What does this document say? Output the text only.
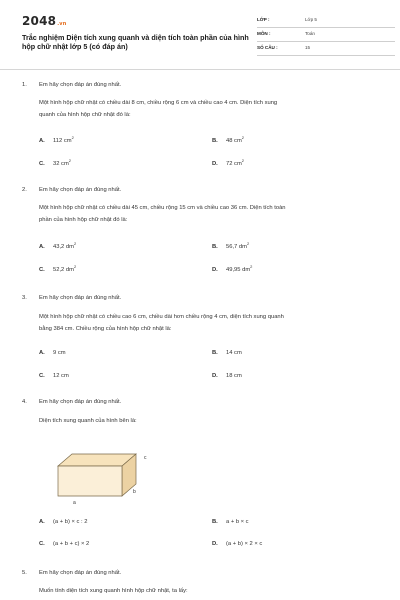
2048.vn
Trắc nghiệm Diện tích xung quanh và diện tích toàn phần của hình hộp chữ nhật lớp 5 (có đáp án)
LỚP :	Lớp 5
MÔN :	Toán
SỐ CÂU :	15
1. Em hãy chọn đáp án đúng nhất.
Một hình hộp chữ nhật có chiều dài 8 cm, chiều rộng 6 cm và chiều cao 4 cm. Diện tích xung
quanh của hình hộp chữ nhật đó là:
A. 112 $cm^2$
B. 48 $cm^2$
C. 32 $cm^2$
D. 72 $cm^2$
2. Em hãy chọn đáp án đúng nhất.
Một hình hộp chữ nhật có chiều dài 45 cm, chiều rộng 15 cm và chiều cao 36 cm. Diện tích toàn
phần của hình hộp chữ nhật đó là:
A. 43,2 $dm^2$
B. 56,7 $dm^2$
C. 52,2 $dm^2$
D. 49,95 $dm^2$
3. Em hãy chọn đáp án đúng nhất.
Một hình hộp chữ nhật có chiều cao 6 cm, chiều dài hơn chiều rộng 4 cm, diện tích xung quanh
bằng 384 cm. Chiều rộng của hình hộp chữ nhật là:
A. 9 cm	B. 14 cm
C. 12 cm	D. 18 cm
4. Em hãy chọn đáp án đúng nhất.
Diện tích xung quanh của hình bên là:
A. (a + b) × c : 2	B. a + b × c
C. (a + b + c) × 2	D. (a + b) × 2 × c
c
b
a
5. Em hãy chọn đáp án đúng nhất.
Muốn tính diện tích xung quanh hình hộp chữ nhật, ta lấy:
